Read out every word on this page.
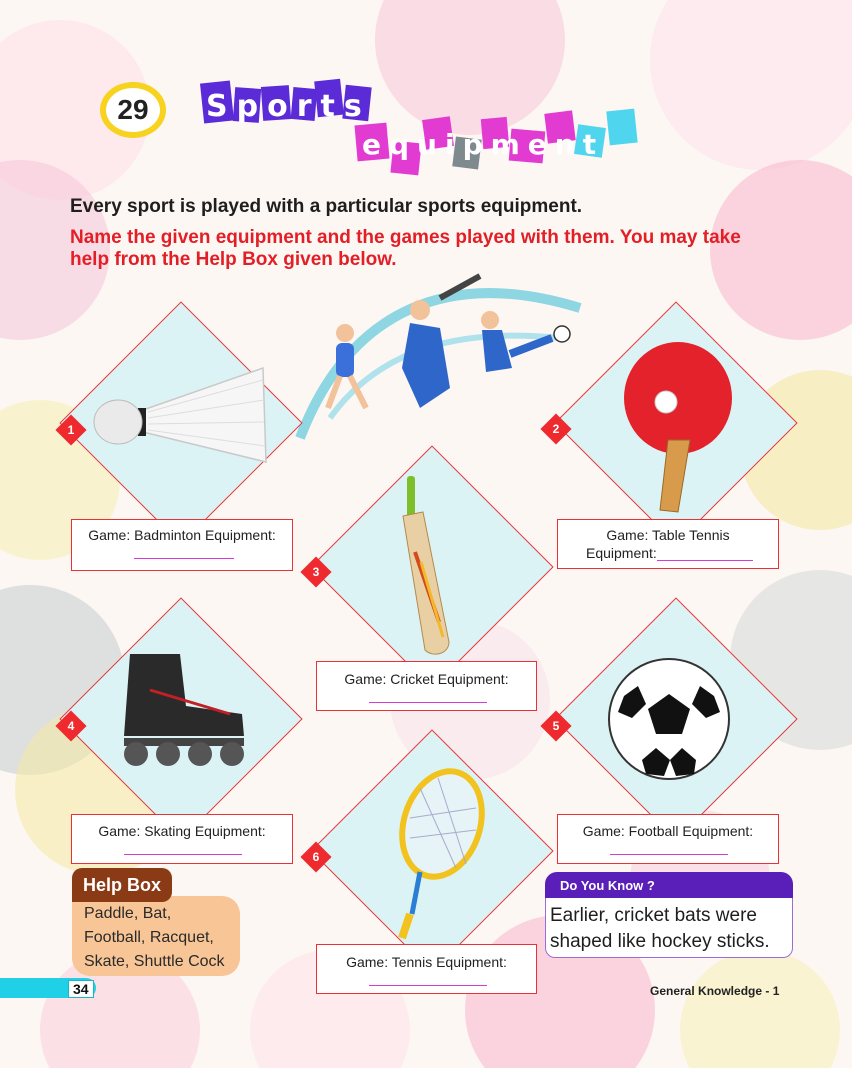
29	Sports
equipment
Every sport is played with a particular sports equipment.
Name the given equipment and the games played with them. You may take help from the Help Box given below.
1	2
3
4	5
6
Game: Badminton Equipment:	Game: Table Tennis
Equipment:
Game: Cricket Equipment:
Game: Skating Equipment:	Game: Football Equipment:
Game: Tennis Equipment:
Help Box
Paddle, Bat,
Football, Racquet,
Skate, Shuttle Cock
Do You Know ?
Earlier, cricket bats were
shaped like hockey sticks.
34	General Knowledge - 1
